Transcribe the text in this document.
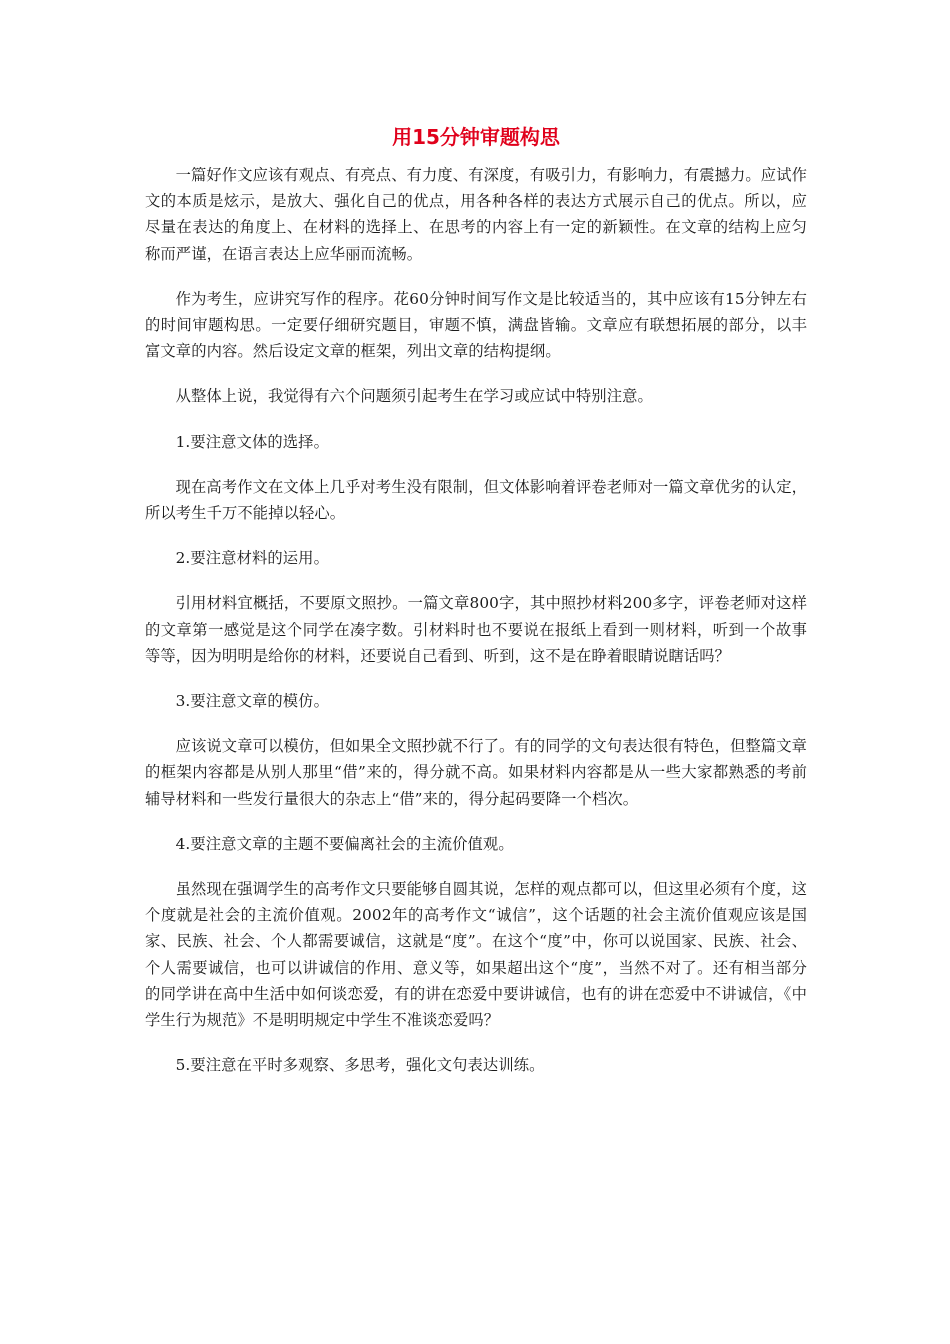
用15分钟审题构思

一篇好作文应该有观点、有亮点、有力度、有深度，有吸引力，有影响力，有震撼力。应试作文的本质是炫示，是放大、强化自己的优点，用各种各样的表达方式展示自己的优点。所以，应尽量在表达的角度上、在材料的选择上、在思考的内容上有一定的新颖性。在文章的结构上应匀称而严谨，在语言表达上应华丽而流畅。

作为考生，应讲究写作的程序。花60分钟时间写作文是比较适当的，其中应该有15分钟左右的时间审题构思。一定要仔细研究题目，审题不慎，满盘皆输。文章应有联想拓展的部分，以丰富文章的内容。然后设定文章的框架，列出文章的结构提纲。

从整体上说，我觉得有六个问题须引起考生在学习或应试中特别注意。

1.要注意文体的选择。

现在高考作文在文体上几乎对考生没有限制，但文体影响着评卷老师对一篇文章优劣的认定，所以考生千万不能掉以轻心。

2.要注意材料的运用。

引用材料宜概括，不要原文照抄。一篇文章800字，其中照抄材料200多字，评卷老师对这样的文章第一感觉是这个同学在凑字数。引材料时也不要说在报纸上看到一则材料，听到一个故事等等，因为明明是给你的材料，还要说自己看到、听到，这不是在睁着眼睛说瞎话吗？

3.要注意文章的模仿。

应该说文章可以模仿，但如果全文照抄就不行了。有的同学的文句表达很有特色，但整篇文章的框架内容都是从别人那里“借”来的，得分就不高。如果材料内容都是从一些大家都熟悉的考前辅导材料和一些发行量很大的杂志上“借”来的，得分起码要降一个档次。

4.要注意文章的主题不要偏离社会的主流价值观。

虽然现在强调学生的高考作文只要能够自圆其说，怎样的观点都可以，但这里必须有个度，这个度就是社会的主流价值观。2002年的高考作文“诚信”，这个话题的社会主流价值观应该是国家、民族、社会、个人都需要诚信，这就是“度”。在这个“度”中，你可以说国家、民族、社会、个人需要诚信，也可以讲诚信的作用、意义等，如果超出这个“度”，当然不对了。还有相当部分的同学讲在高中生活中如何谈恋爱，有的讲在恋爱中要讲诚信，也有的讲在恋爱中不讲诚信，《中学生行为规范》不是明明规定中学生不准谈恋爱吗？

5.要注意在平时多观察、多思考，强化文句表达训练。
